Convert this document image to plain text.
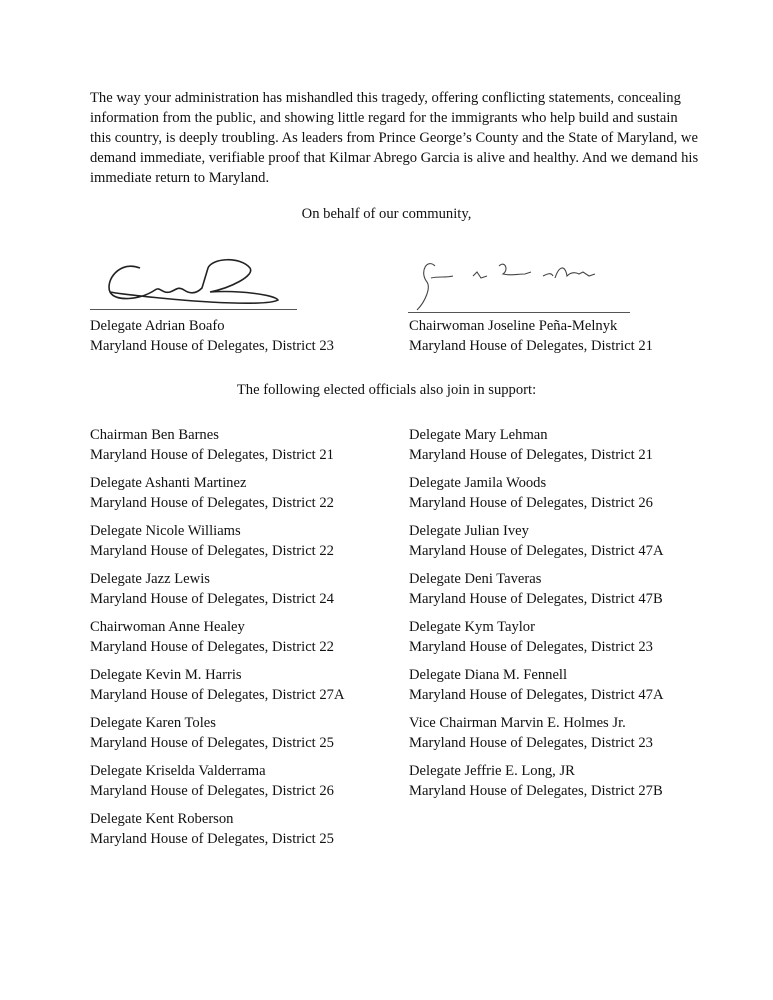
The way your administration has mishandled this tragedy, offering conflicting statements, concealing information from the public, and showing little regard for the immigrants who help build and sustain this country, is deeply troubling. As leaders from Prince George’s County and the State of Maryland, we demand immediate, verifiable proof that Kilmar Abrego Garcia is alive and healthy. And we demand his immediate return to Maryland.
On behalf of our community,
Delegate Adrian Boafo
Maryland House of Delegates, District 23
Chairwoman Joseline Peña-Melnyk
Maryland House of Delegates, District 21
The following elected officials also join in support:
Chairman Ben Barnes
Maryland House of Delegates, District 21
Delegate Mary Lehman
Maryland House of Delegates, District 21
Delegate Ashanti Martinez
Maryland House of Delegates, District 22
Delegate Jamila Woods
Maryland House of Delegates, District 26
Delegate Nicole Williams
Maryland House of Delegates, District 22
Delegate Julian Ivey
Maryland House of Delegates, District 47A
Delegate Jazz Lewis
Maryland House of Delegates, District 24
Delegate Deni Taveras
Maryland House of Delegates, District 47B
Chairwoman Anne Healey
Maryland House of Delegates, District 22
Delegate Kym Taylor
Maryland House of Delegates, District 23
Delegate Kevin M. Harris
Maryland House of Delegates, District 27A
Delegate Diana M. Fennell
Maryland House of Delegates, District 47A
Delegate Karen Toles
Maryland House of Delegates, District 25
Vice Chairman Marvin E. Holmes Jr.
Maryland House of Delegates, District 23
Delegate Kriselda Valderrama
Maryland House of Delegates, District 26
Delegate Jeffrie E. Long, JR
Maryland House of Delegates, District 27B
Delegate Kent Roberson
Maryland House of Delegates, District 25
